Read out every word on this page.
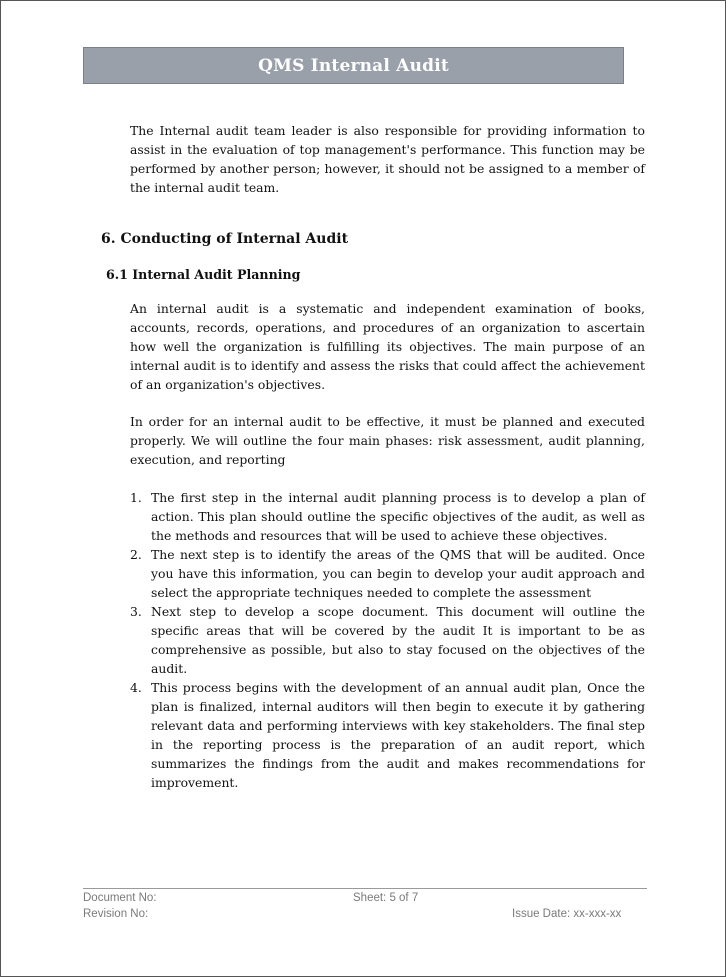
QMS Internal Audit

The Internal audit team leader is also responsible for providing information to assist in the evaluation of top management's performance. This function may be performed by another person; however, it should not be assigned to a member of the internal audit team.

6. Conducting of Internal Audit
6.1 Internal Audit Planning

An internal audit is a systematic and independent examination of books, accounts, records, operations, and procedures of an organization to ascertain how well the organization is fulfilling its objectives. The main purpose of an internal audit is to identify and assess the risks that could affect the achievement of an organization's objectives.

In order for an internal audit to be effective, it must be planned and executed properly. We will outline the four main phases: risk assessment, audit planning, execution, and reporting

1. The first step in the internal audit planning process is to develop a plan of action. This plan should outline the specific objectives of the audit, as well as the methods and resources that will be used to achieve these objectives.
2. The next step is to identify the areas of the QMS that will be audited. Once you have this information, you can begin to develop your audit approach and select the appropriate techniques needed to complete the assessment
3. Next step to develop a scope document. This document will outline the specific areas that will be covered by the audit It is important to be as comprehensive as possible, but also to stay focused on the objectives of the audit.
4. This process begins with the development of an annual audit plan, Once the plan is finalized, internal auditors will then begin to execute it by gathering relevant data and performing interviews with key stakeholders. The final step in the reporting process is the preparation of an audit report, which summarizes the findings from the audit and makes recommendations for improvement.

Document No:

Revision No:

Sheet: 5 of 7

Issue Date: xx-xxx-xx
